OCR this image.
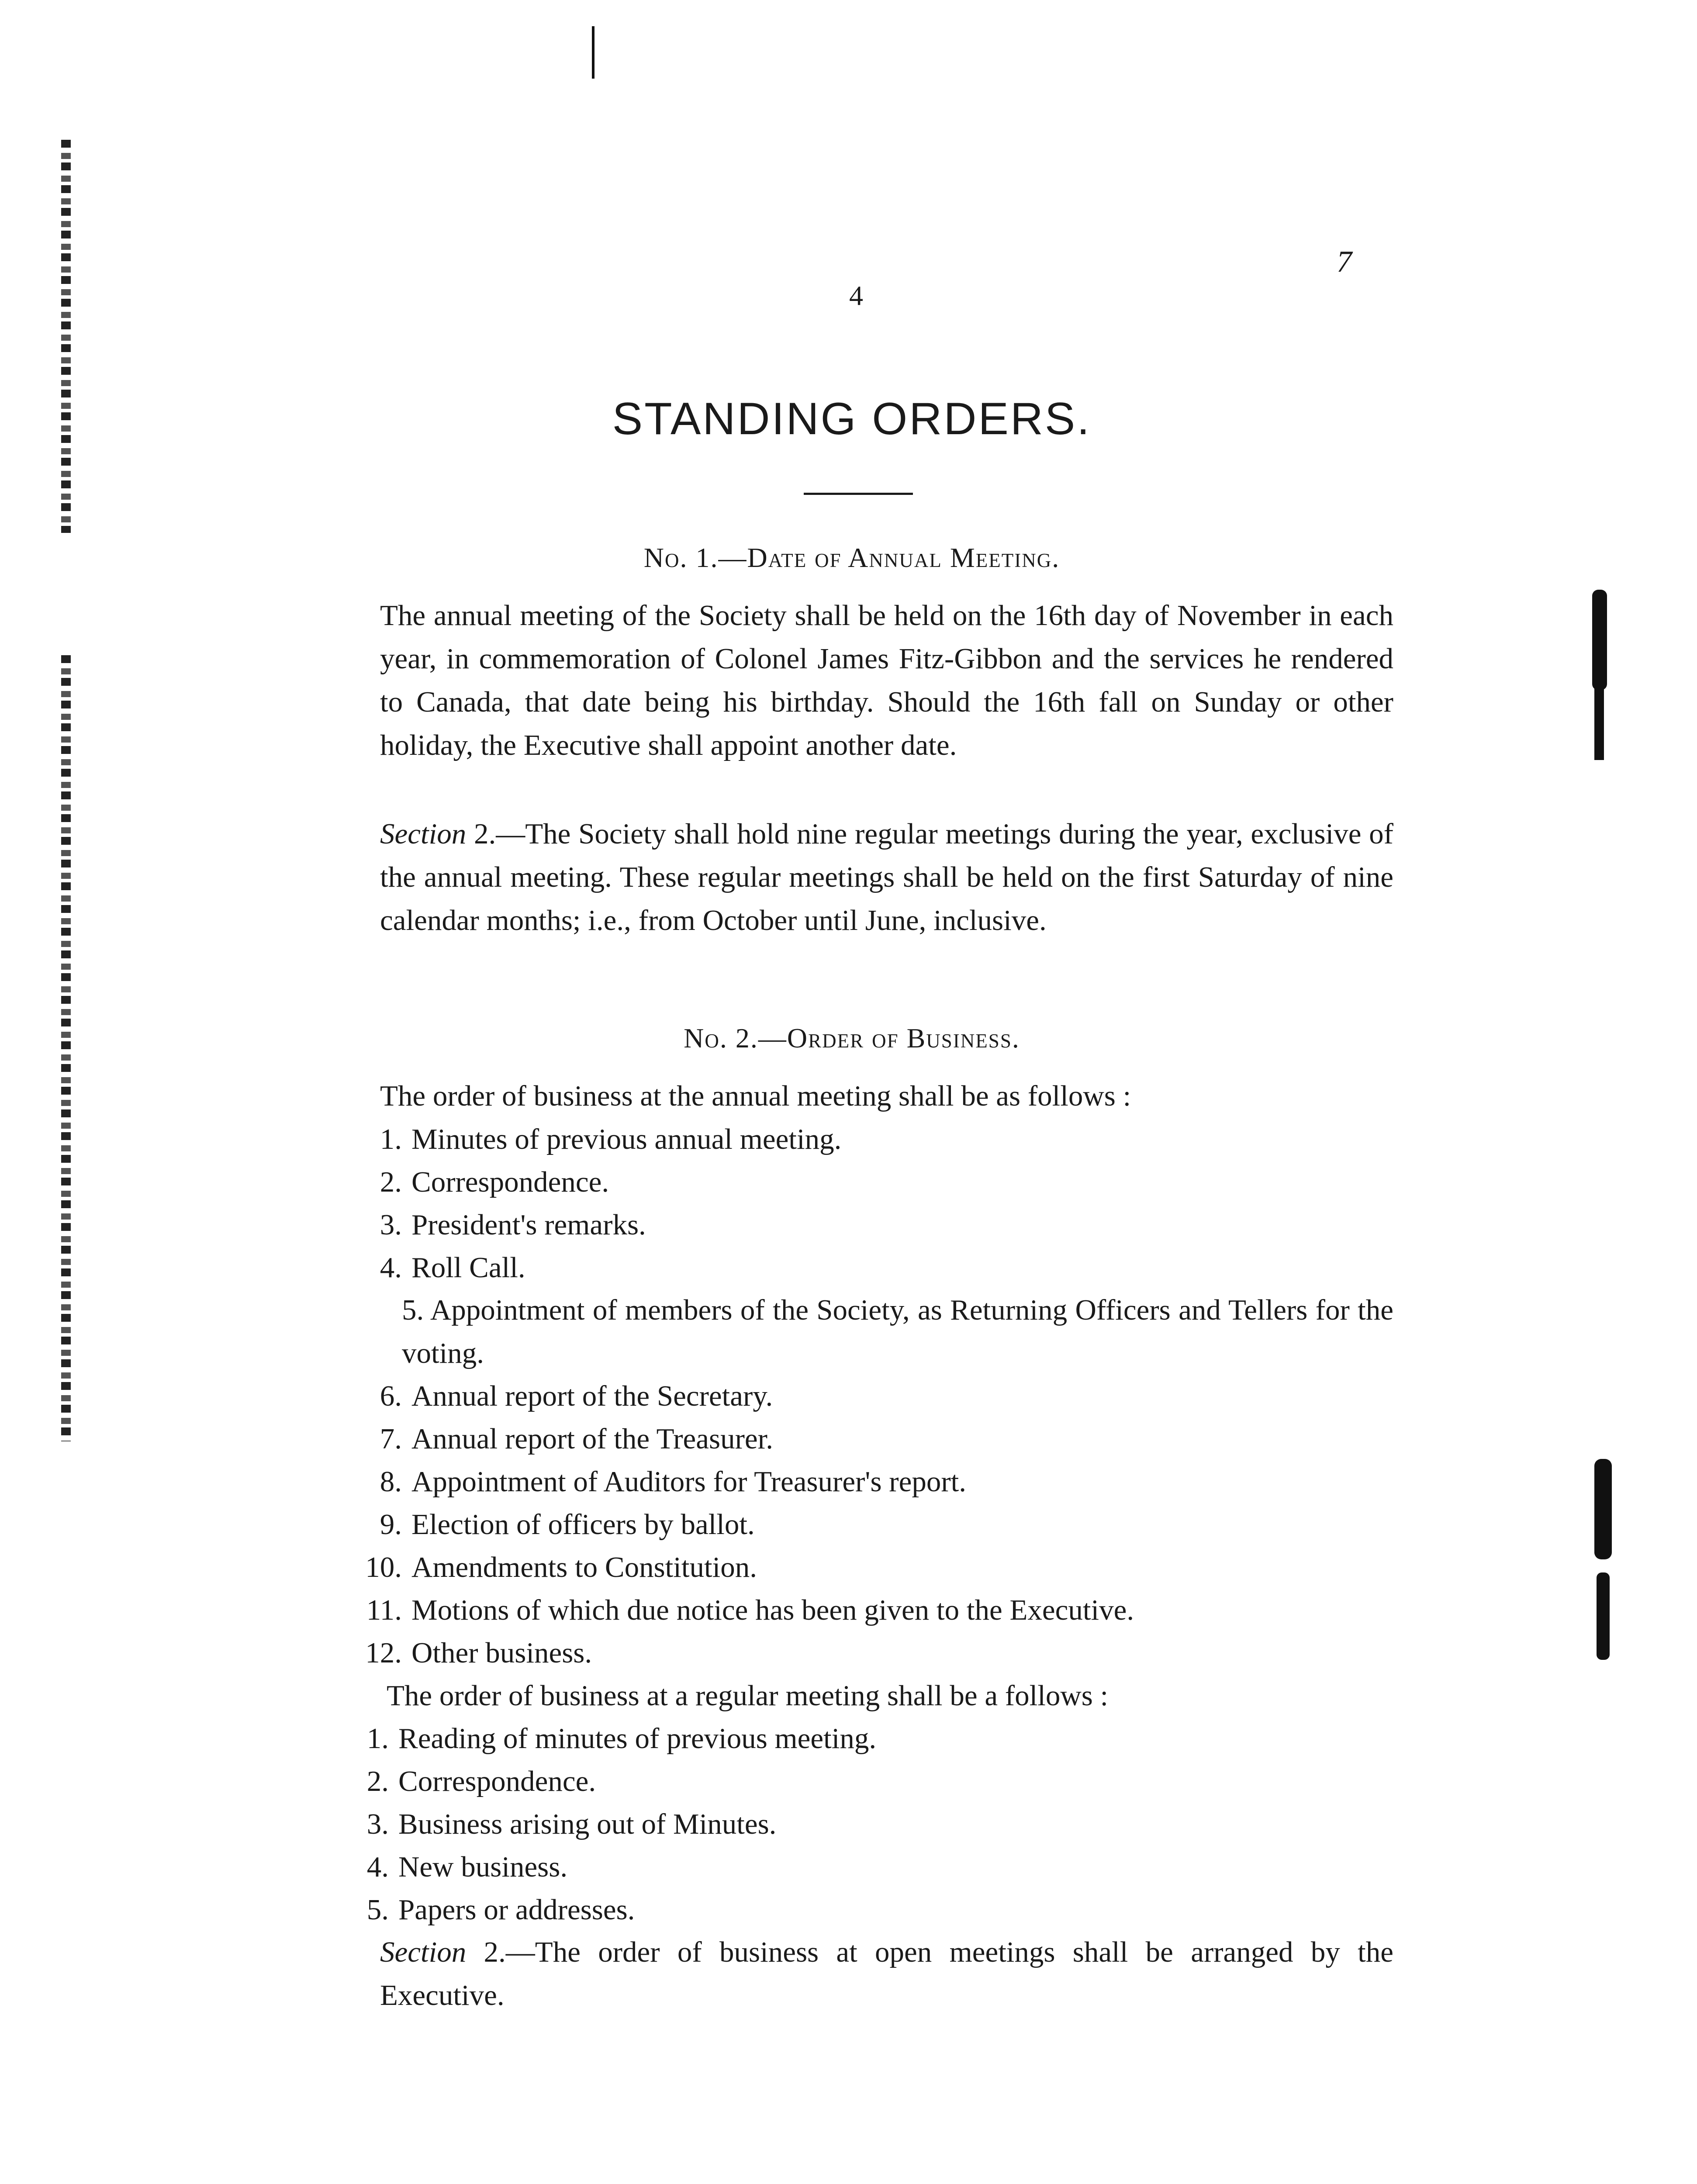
7
4
STANDING ORDERS.
No. 1.—Date of Annual Meeting.
The annual meeting of the Society shall be held on the 16th day of November in each year, in commemoration of Colonel James Fitz-Gibbon and the services he rendered to Canada, that date being his birthday. Should the 16th fall on Sunday or other holiday, the Executive shall appoint another date.
Section 2.—The Society shall hold nine regular meetings during the year, exclusive of the annual meeting. These regular meetings shall be held on the first Saturday of nine calendar months; i.e., from October until June, inclusive.
No. 2.—Order of Business.
The order of business at the annual meeting shall be as follows :
1. Minutes of previous annual meeting.
2. Correspondence.
3. President's remarks.
4. Roll Call.
5. Appointment of members of the Society, as Returning Officers and Tellers for the voting.
6. Annual report of the Secretary.
7. Annual report of the Treasurer.
8. Appointment of Auditors for Treasurer's report.
9. Election of officers by ballot.
10. Amendments to Constitution.
11. Motions of which due notice has been given to the Executive.
12. Other business.
The order of business at a regular meeting shall be a follows :
1. Reading of minutes of previous meeting.
2. Correspondence.
3. Business arising out of Minutes.
4. New business.
5. Papers or addresses.
Section 2.—The order of business at open meetings shall be arranged by the Executive.
